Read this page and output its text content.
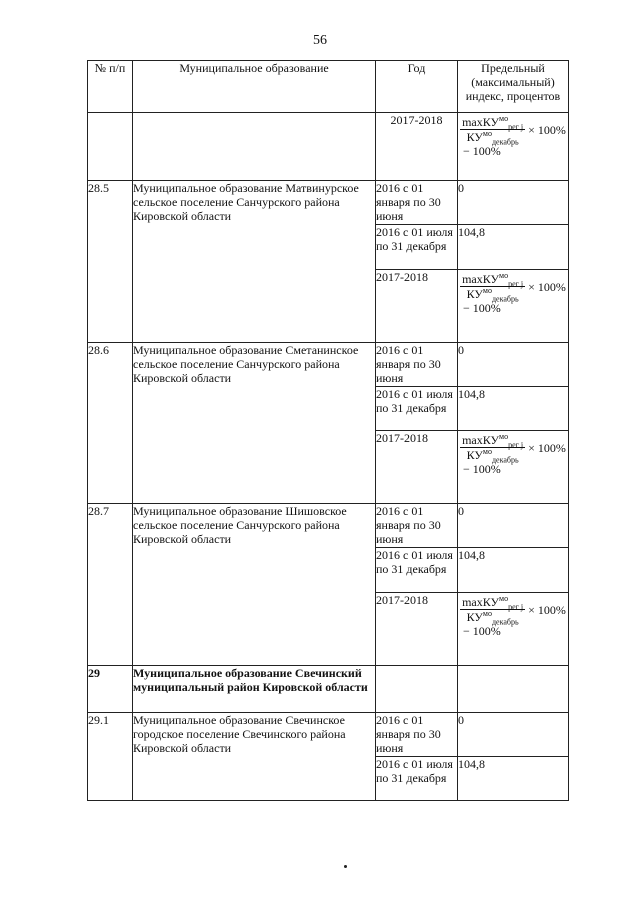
56
№ п/п	Муниципальное образование	Год	Предельный (максимальный) индекс, процентов
		2017-2018	$\frac{\max КУ^{мо}_{рег j}}{КУ^{мо}_{декабрь}} \times 100\%$
− 100%

28.5	Муниципальное образование Матвинурское сельское поселение Санчурского района Кировской области	2016 с 01 января по 30 июня	0
		2016 с 01 июля по 31 декабря	104,8
		2017-2018	$\frac{\max КУ^{мо}_{рег j}}{КУ^{мо}_{декабрь}} \times 100\%$
− 100%

28.6	Муниципальное образование Сметанинское сельское поселение Санчурского района Кировской области	2016 с 01 января по 30 июня	0
		2016 с 01 июля по 31 декабря	104,8
		2017-2018	$\frac{\max КУ^{мо}_{рег j}}{КУ^{мо}_{декабрь}} \times 100\%$
− 100%

28.7	Муниципальное образование Шишовское сельское поселение Санчурского района Кировской области	2016 с 01 января по 30 июня	0
		2016 с 01 июля по 31 декабря	104,8
		2017-2018	$\frac{\max КУ^{мо}_{рег j}}{КУ^{мо}_{декабрь}} \times 100\%$
− 100%

29	Муниципальное образование Свечинский муниципальный район Кировской области		
29.1	Муниципальное образование Свечинское городское поселение Свечинского района Кировской области	2016 с 01 января по 30 июня	0
		2016 с 01 июля по 31 декабря	104,8
